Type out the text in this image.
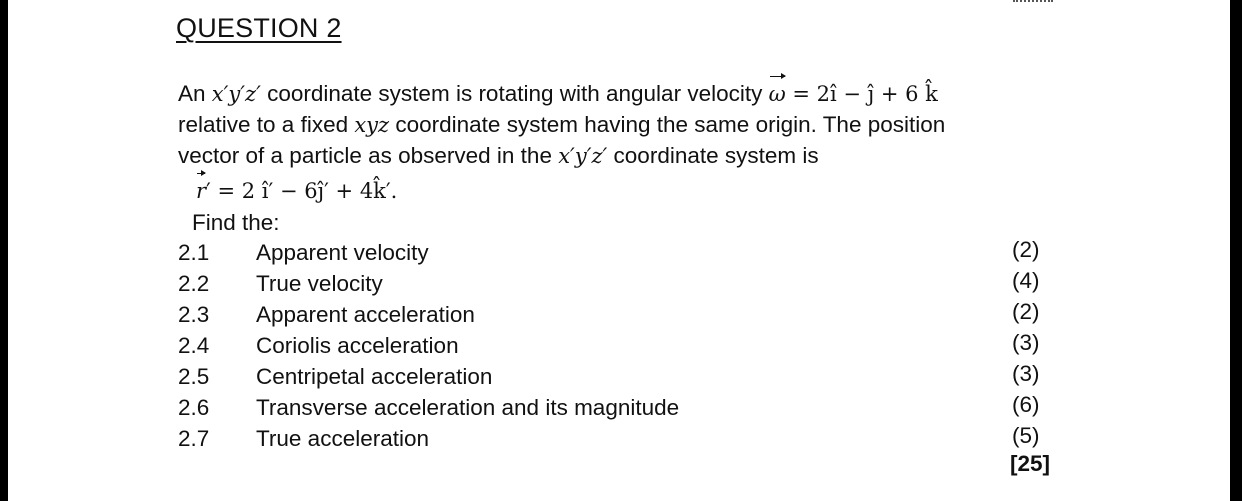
QUESTION 2
An x′y′z′ coordinate system is rotating with angular velocity ω = 2î − ĵ + 6 k̂
relative to a fixed xyz coordinate system having the same origin. The position
vector of a particle as observed in the x′y′z′ coordinate system is
r′ = 2 î′ − 6ĵ′ + 4k̂′.
Find the:
2.1 Apparent velocity	(2)
2.2 True velocity	(4)
2.3 Apparent acceleration	(2)
2.4 Coriolis acceleration	(3)
2.5 Centripetal acceleration	(3)
2.6 Transverse acceleration and its magnitude	(6)
2.7 True acceleration	(5)
[25]
